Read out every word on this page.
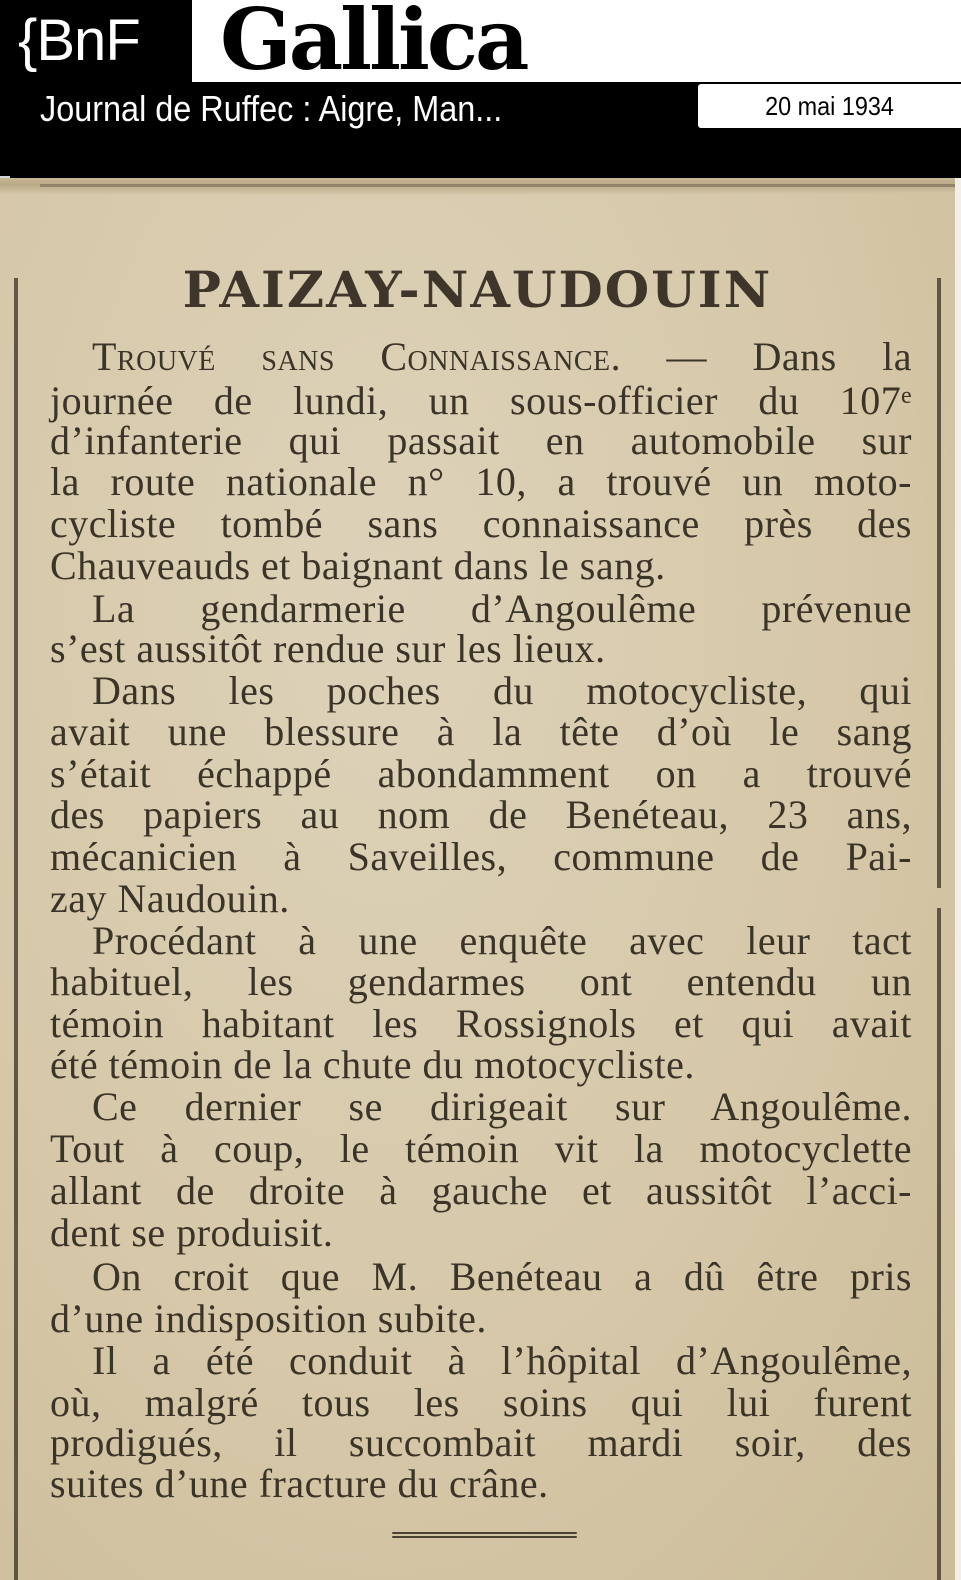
{BnF Gallica
Journal de Ruffec : Aigre, Man...	20 mai 1934
PAIZAY-NAUDOUIN
Trouvé sans Connaissance. — Dans la
journée de lundi, un sous-officier du 107ᵉ
d’infanterie qui passait en automobile sur
la route nationale n° 10, a trouvé un moto-
cycliste tombé sans connaissance près des
Chauveauds et baignant dans le sang.
La gendarmerie d’Angoulême prévenue
s’est aussitôt rendue sur les lieux.
Dans les poches du motocycliste, qui
avait une blessure à la tête d’où le sang
s’était échappé abondamment on a trouvé
des papiers au nom de Benéteau, 23 ans,
mécanicien à Saveilles, commune de Pai-
zay Naudouin.
Procédant à une enquête avec leur tact
habituel, les gendarmes ont entendu un
témoin habitant les Rossignols et qui avait
été témoin de la chute du motocycliste.
Ce dernier se dirigeait sur Angoulême.
Tout à coup, le témoin vit la motocyclette
allant de droite à gauche et aussitôt l’acci-
dent se produisit.
On croit que M. Benéteau a dû être pris
d’une indisposition subite.
Il a été conduit à l’hôpital d’Angoulême,
où, malgré tous les soins qui lui furent
prodigués, il succombait mardi soir, des
suites d’une fracture du crâne.
